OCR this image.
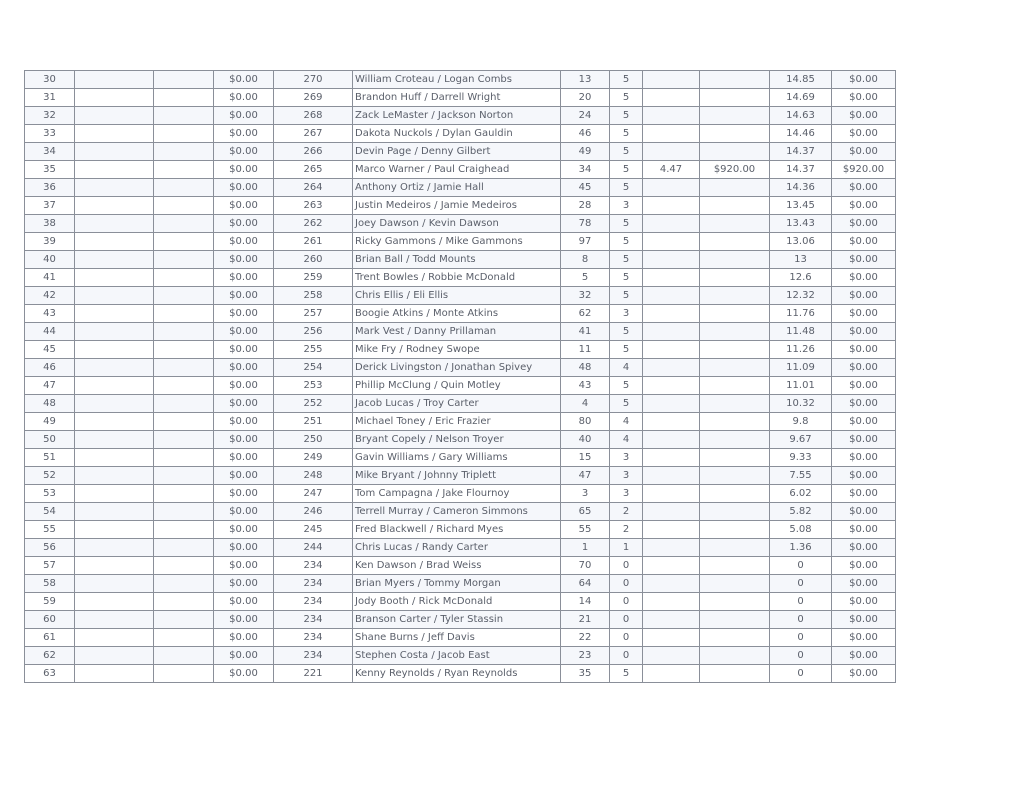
30			$0.00	270	William Croteau / Logan Combs	13	5			14.85	$0.00
31			$0.00	269	Brandon Huff / Darrell Wright	20	5			14.69	$0.00
32			$0.00	268	Zack LeMaster / Jackson Norton	24	5			14.63	$0.00
33			$0.00	267	Dakota Nuckols / Dylan Gauldin	46	5			14.46	$0.00
34			$0.00	266	Devin Page / Denny Gilbert	49	5			14.37	$0.00
35			$0.00	265	Marco Warner / Paul Craighead	34	5	4.47	$920.00	14.37	$920.00
36			$0.00	264	Anthony Ortiz / Jamie Hall	45	5			14.36	$0.00
37			$0.00	263	Justin Medeiros / Jamie Medeiros	28	3			13.45	$0.00
38			$0.00	262	Joey Dawson / Kevin Dawson	78	5			13.43	$0.00
39			$0.00	261	Ricky Gammons / Mike Gammons	97	5			13.06	$0.00
40			$0.00	260	Brian Ball / Todd Mounts	8	5			13	$0.00
41			$0.00	259	Trent Bowles / Robbie McDonald	5	5			12.6	$0.00
42			$0.00	258	Chris Ellis / Eli Ellis	32	5			12.32	$0.00
43			$0.00	257	Boogie Atkins / Monte Atkins	62	3			11.76	$0.00
44			$0.00	256	Mark Vest / Danny Prillaman	41	5			11.48	$0.00
45			$0.00	255	Mike Fry / Rodney Swope	11	5			11.26	$0.00
46			$0.00	254	Derick Livingston / Jonathan Spivey	48	4			11.09	$0.00
47			$0.00	253	Phillip McClung / Quin Motley	43	5			11.01	$0.00
48			$0.00	252	Jacob Lucas / Troy Carter	4	5			10.32	$0.00
49			$0.00	251	Michael Toney / Eric Frazier	80	4			9.8	$0.00
50			$0.00	250	Bryant Copely / Nelson Troyer	40	4			9.67	$0.00
51			$0.00	249	Gavin Williams / Gary Williams	15	3			9.33	$0.00
52			$0.00	248	Mike Bryant / Johnny Triplett	47	3			7.55	$0.00
53			$0.00	247	Tom Campagna / Jake Flournoy	3	3			6.02	$0.00
54			$0.00	246	Terrell Murray / Cameron Simmons	65	2			5.82	$0.00
55			$0.00	245	Fred Blackwell / Richard Myes	55	2			5.08	$0.00
56			$0.00	244	Chris Lucas / Randy Carter	1	1			1.36	$0.00
57			$0.00	234	Ken Dawson / Brad Weiss	70	0			0	$0.00
58			$0.00	234	Brian Myers / Tommy Morgan	64	0			0	$0.00
59			$0.00	234	Jody Booth / Rick McDonald	14	0			0	$0.00
60			$0.00	234	Branson Carter / Tyler Stassin	21	0			0	$0.00
61			$0.00	234	Shane Burns / Jeff Davis	22	0			0	$0.00
62			$0.00	234	Stephen Costa / Jacob East	23	0			0	$0.00
63			$0.00	221	Kenny Reynolds / Ryan Reynolds	35	5			0	$0.00
